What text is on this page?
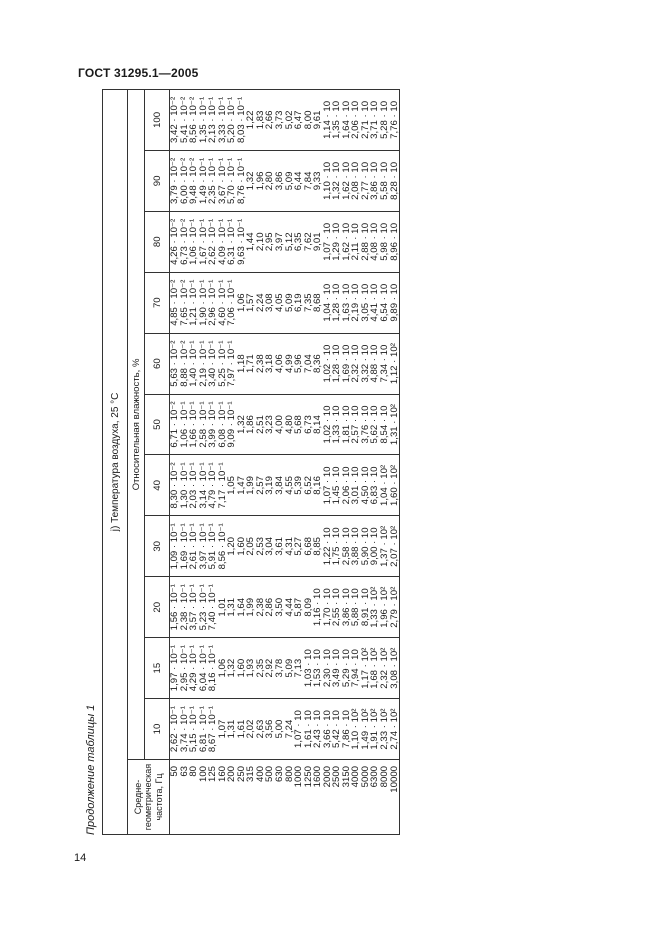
ГОСТ 31295.1—2005
Продолжение таблицы 1
j) Температура воздуха, 25 °C											
Средне-геометрическая частота, Гц	Относительная влажность, %										
	10	15	20	30	40	50	60	70	80	90	100
50	2,62 · 10⁻¹	1,97 · 10⁻¹	1,56 · 10⁻¹	1,09 · 10⁻¹	8,30 · 10⁻²	6,71 · 10⁻²	5,63 · 10⁻²	4,85 · 10⁻²	4,26 · 10⁻²	3,79 · 10⁻²	3,42 · 10⁻²
63	3,74 · 10⁻¹	2,95 · 10⁻¹	2,38 · 10⁻¹	1,69 · 10⁻¹	1,30 · 10⁻¹	1,06 · 10⁻¹	8,88 · 10⁻²	7,65 · 10⁻²	6,73 · 10⁻²	6,00 · 10⁻²	5,41 · 10⁻²
80	5,15 · 10⁻¹	4,29 · 10⁻¹	3,57 · 10⁻¹	2,61 · 10⁻¹	2,03 · 10⁻¹	1,66 · 10⁻¹	1,40 · 10⁻¹	1,21 · 10⁻¹	1,06 · 10⁻¹	9,48 · 10⁻²	8,56 · 10⁻²
100	6,81 · 10⁻¹	6,04 · 10⁻¹	5,23 · 10⁻¹	3,97 · 10⁻¹	3,14 · 10⁻¹	2,58 · 10⁻¹	2,19 · 10⁻¹	1,90 · 10⁻¹	1,67 · 10⁻¹	1,49 · 10⁻¹	1,35 · 10⁻¹
125	8,67 · 10⁻¹	8,16 · 10⁻¹	7,40 · 10⁻¹	5,91 · 10⁻¹	4,79 · 10⁻¹	3,99 · 10⁻¹	3,40 · 10⁻¹	2,96 · 10⁻¹	2,62 · 10⁻¹	2,35 · 10⁻¹	2,13 · 10⁻¹
160	1,07	1,06	1,01	8,56 · 10⁻¹	7,17 · 10⁻¹	6,08 · 10⁻¹	5,25 · 10⁻¹	4,60 · 10⁻¹	4,09 · 10⁻¹	3,67 · 10⁻¹	3,33 · 10⁻¹
200	1,31	1,32	1,31	1,20	1,05	9,09 · 10⁻¹	7,97 · 10⁻¹	7,06 · 10⁻¹	6,31 · 10⁻¹	5,70 · 10⁻¹	5,20 · 10⁻¹
250	1,61	1,60	1,64	1,60	1,47	1,32	1,18	1,06	9,63 · 10⁻¹	8,76 · 10⁻¹	8,03 · 10⁻¹
315	2,02	1,93	1,99	2,05	1,99	1,86	1,71	1,57	1,44	1,32	1,22
400	2,63	2,35	2,38	2,53	2,57	2,51	2,38	2,24	2,10	1,96	1,83
500	3,56	2,92	2,86	3,04	3,19	3,23	3,18	3,08	2,95	2,80	2,66
630	5,00	3,78	3,50	3,61	3,84	4,00	4,06	4,05	3,97	3,86	3,73
800	7,24	5,09	4,44	4,31	4,55	4,80	4,99	5,09	5,12	5,09	5,02
1000	1,07 · 10	7,13	5,87	5,27	5,39	5,68	5,96	6,19	6,35	6,44	6,47
1250	1,61 · 10	1,03 · 10	8,09	6,68	6,52	6,73	7,04	7,35	7,62	7,84	8,00
1600	2,43 · 10	1,53 · 10	1,16 · 10	8,85	8,16	8,14	8,36	8,68	9,01	9,33	9,61
2000	3,66 · 10	2,30 · 10	1,70 · 10	1,22 · 10	1,07 · 10	1,02 · 10	1,02 · 10	1,04 · 10	1,07 · 10	1,10 · 10	1,14 · 10
2500	5,42 · 10	3,49 · 10	2,55 · 10	1,75 · 10	1,45 · 10	1,33 · 10	1,28 · 10	1,28 · 10	1,29 · 10	1,32 · 10	1,35 · 10
3150	7,86 · 10	5,29 · 10	3,86 · 10	2,58 · 10	2,06 · 10	1,81 · 10	1,69 · 10	1,63 · 10	1,62 · 10	1,62 · 10	1,64 · 10
4000	1,10 · 10²	7,94 · 10	5,88 · 10	3,88 · 10	3,01 · 10	2,57 · 10	2,32 · 10	2,19 · 10	2,11 · 10	2,08 · 10	2,06 · 10
5000	1,49 · 10²	1,17 · 10²	8,91 · 10	5,90 · 10	4,50 · 10	3,76 · 10	3,32 · 10	3,05 · 10	2,88 · 10	2,77 · 10	2,71 · 10
6300	1,91 · 10²	1,68 · 10²	1,33 · 10²	9,00 · 10	6,83 · 10	5,62 · 10	4,88 · 10	4,41 · 10	4,08 · 10	3,86 · 10	3,71 · 10
8000	2,33 · 10²	2,32 · 10²	1,96 · 10²	1,37 · 10²	1,04 · 10²	8,54 · 10	7,34 · 10	6,54 · 10	5,98 · 10	5,58 · 10	5,28 · 10
10000	2,74 · 10²	3,08 · 10²	2,79 · 10²	2,07 · 10²	1,60 · 10²	1,31 · 10²	1,12 · 10²	9,89 · 10	8,96 · 10	8,28 · 10	7,76 · 10
14
